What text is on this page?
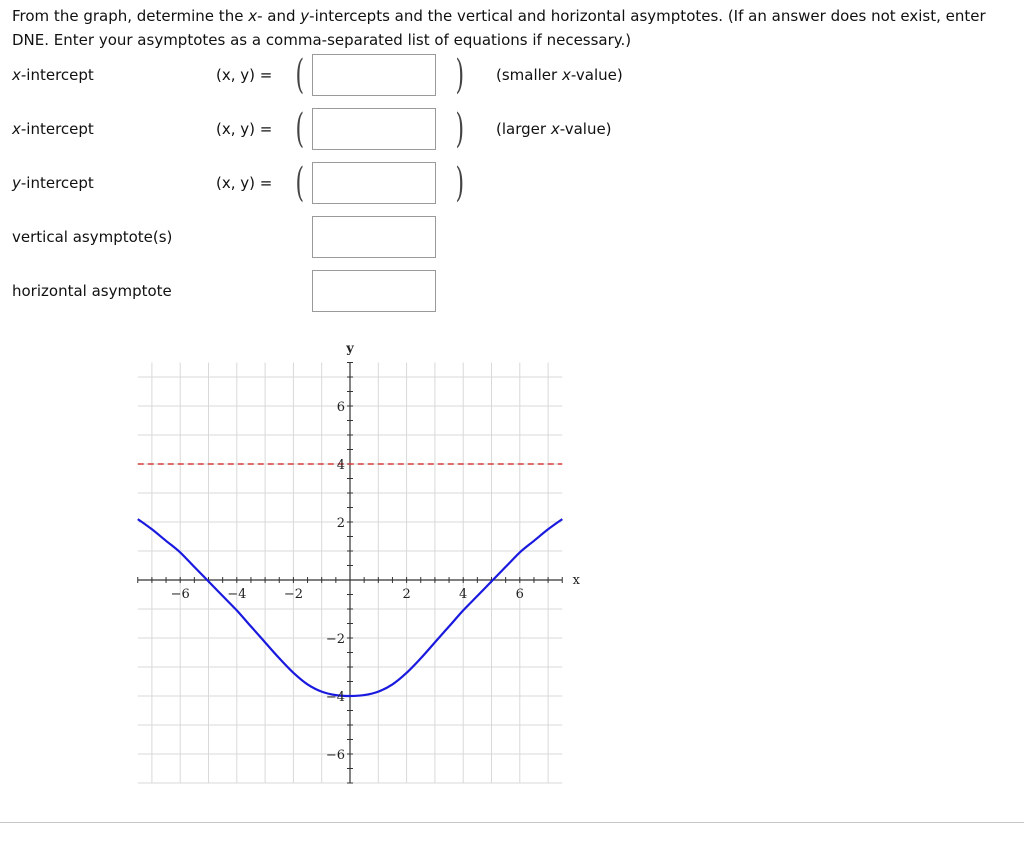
From the graph, determine the x- and y-intercepts and the vertical and horizontal asymptotes. (If an answer does not exist, enter DNE. Enter your asymptotes as a comma-separated list of equations if necessary.)
x-intercept	(x, y) = (	) (smaller x-value)
x-intercept	(x, y) = (	) (larger x-value)
y-intercept	(x, y) = (	)
vertical asymptote(s)
horizontal asymptote
−6	−4	−2	2	4	6
−6
−4
−2
2
4
6
x
y
